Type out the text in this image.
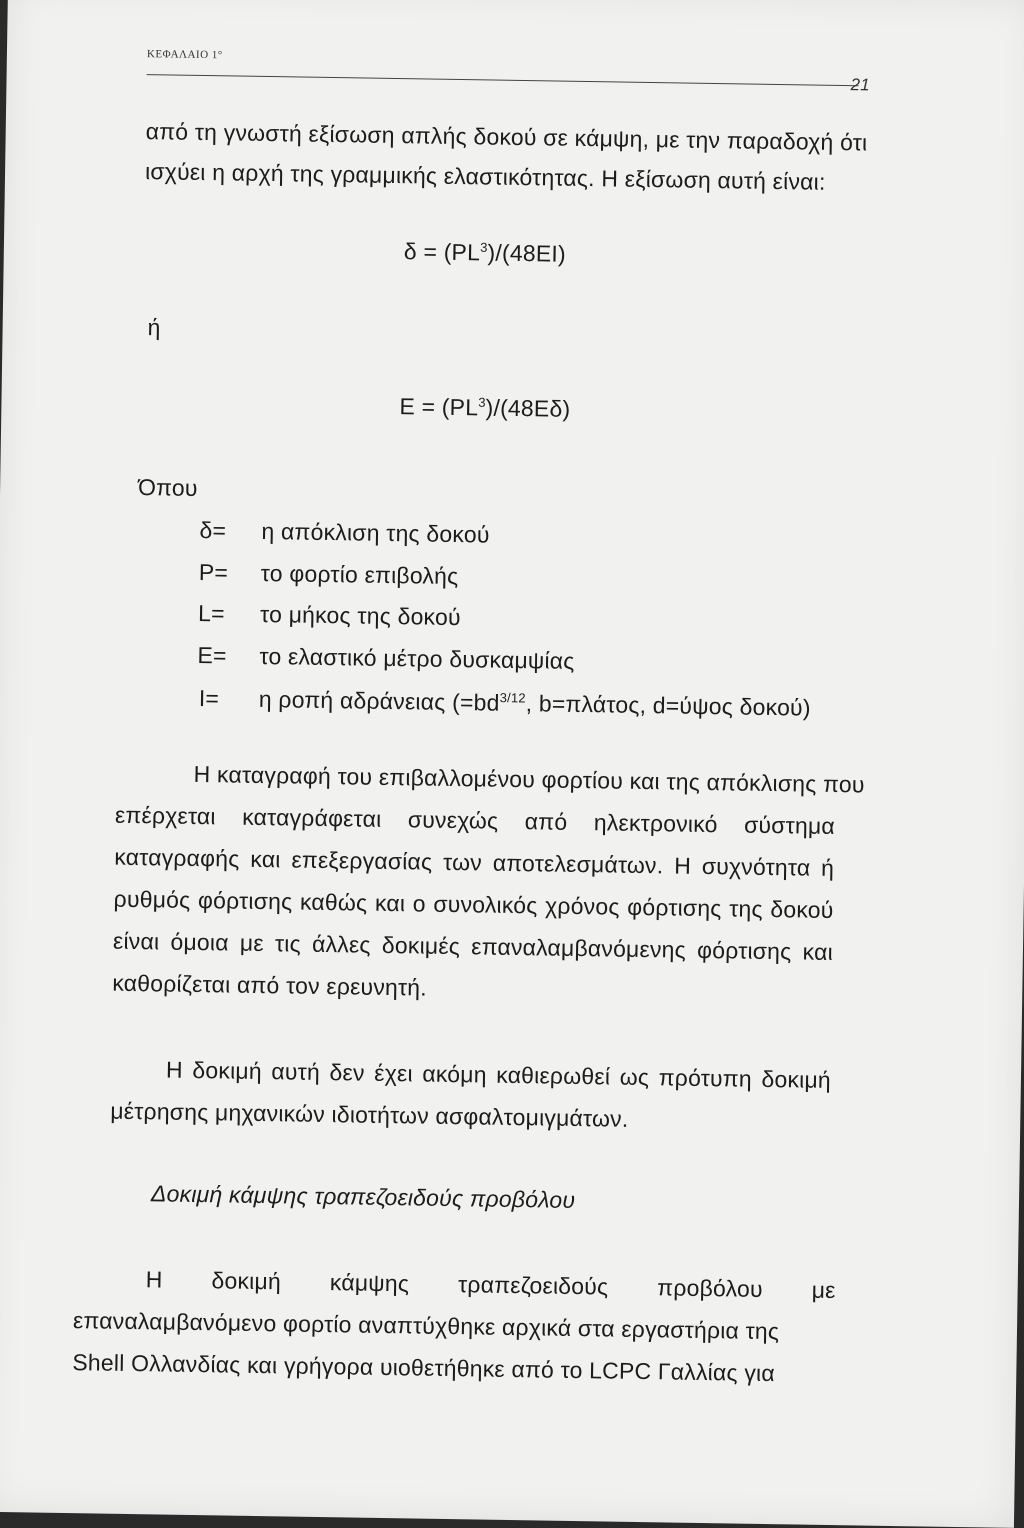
ΚΕΦΑΛΑΙΟ 1°
21
από τη γνωστή εξίσωση απλής δοκού σε κάμψη, με την παραδοχή ότι
ισχύει η αρχή της γραμμικής ελαστικότητας. Η εξίσωση αυτή είναι:
$\delta = (PL^3)/(48EI)$
ή
$E = (PL^3)/(48E\delta)$
Όπου
δ= η απόκλιση της δοκού
P= το φορτίο επιβολής
L= το μήκος της δοκού
E= το ελαστικό μέτρο δυσκαμψίας
I= η ροπή αδράνειας ($=bd^{3/12}$, b=πλάτος, d=ύψος δοκού)
Η καταγραφή του επιβαλλομένου φορτίου και της απόκλισης που
επέρχεται καταγράφεται συνεχώς από ηλεκτρονικό σύστημα
καταγραφής και επεξεργασίας των αποτελεσμάτων. Η συχνότητα ή
ρυθμός φόρτισης καθώς και ο συνολικός χρόνος φόρτισης της δοκού
είναι όμοια με τις άλλες δοκιμές επαναλαμβανόμενης φόρτισης και
καθορίζεται από τον ερευνητή.
Η δοκιμή αυτή δεν έχει ακόμη καθιερωθεί ως πρότυπη δοκιμή
μέτρησης μηχανικών ιδιοτήτων ασφαλτομιγμάτων.
Δοκιμή κάμψης τραπεζοειδούς προβόλου
Η δοκιμή κάμψης τραπεζοειδούς προβόλου με
επαναλαμβανόμενο φορτίο αναπτύχθηκε αρχικά στα εργαστήρια της
Shell Ολλανδίας και γρήγορα υιοθετήθηκε από το LCPC Γαλλίας για
